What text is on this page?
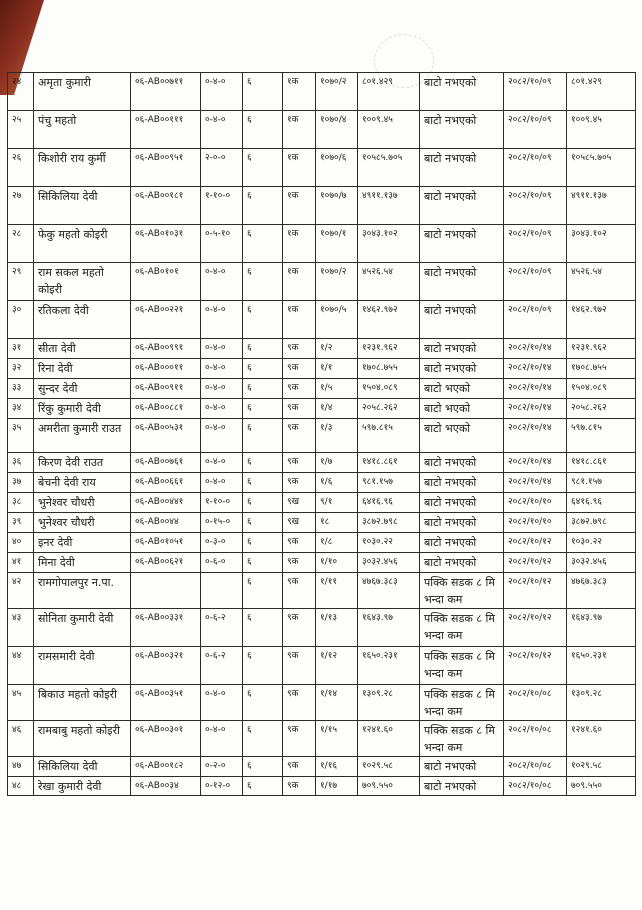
२४	अमृता कुमारी	०६-AB००७११	०-४-०	६	१क	१०७०/२	८०१.४२९	बाटो नभएको	२०८२/१०/०९	८०१.४२९
२५	पंचु महतो	०६-AB००१११	०-४-०	६	१क	१०७०/४	१००९.४५	बाटो नभएको	२०८२/१०/०९	१००९.४५
२६	किशोरी राय कुर्मी	०६-AB००९५१	२-०-०	६	१क	१०७०/६	१०५८५.७०५	बाटो नभएको	२०८२/१०/०९	१०५८५.७०५
२७	सिकिलिया देवी	०६-AB००१८१	१-१०-०	६	१क	१०७०/७	४९११.१३७	बाटो नभएको	२०८२/१०/०९	४९११.१३७
२८	फेकु महतो कोइरी	०६-AB०१०३१	०-५-१०	६	१क	१०७०/१	३०४३.१०२	बाटो नभएको	२०८२/१०/०९	३०४३.१०२
२९	राम सकल महतो कोइरी	०६-AB०१०१	०-४-०	६	१क	१०७०/२	४५२६.५४	बाटो नभएको	२०८२/१०/०९	४५२६.५४
३०	रतिकला देवी	०६-AB००२२१	०-४-०	६	१क	१०७०/५	१४६२.९७२	बाटो नभएको	२०८२/१०/०९	१४६२.९७२
३१	सीता देवी	०६-AB००९९१	०-४-०	६	९क	१/२	१२३१.९६२	बाटो नभएको	२०८२/१०/१४	१२३१.९६२
३२	रिना देवी	०६-AB०००११	०-४-०	६	९क	१/१	१७०८.७५५	बाटो नभएको	२०८२/१०/१४	१७०८.७५५
३३	सुन्दर देवी	०६-AB००९११	०-४-०	६	९क	१/५	१५०४.०८९	बाटो भएको	२०८२/१०/१४	१५०४.०८९
३४	रिंकु कुमारी देवी	०६-AB००८८१	०-४-०	६	९क	१/४	२०५८.२६२	बाटो भएको	२०८२/१०/१४	२०५८.२६२
३५	अमरीता कुमारी राउत	०६-AB००५३१	०-४-०	६	९क	१/३	५९७.८१५	बाटो भएको	२०८२/१०/१४	५९७.८१५
३६	किरण देवी राउत	०६-AB००७६१	०-४-०	६	९क	१/७	१४१८.८६१	बाटो नभएको	२०८२/१०/१४	१४१८.८६१
३७	बेचनी देवी राय	०६-AB००६६१	०-४-०	६	९क	१/६	९८१.१५७	बाटो नभएको	२०८२/१०/१४	९८१.१५७
३८	भुनेश्वर चौधरी	०६-AB००४४१	१-१०-०	६	९ख	९/१	६४१६.९६	बाटो नभएको	२०८२/१०/१०	६४१६.९६
३९	भुनेश्वर चौधरी	०६-AB००४४	०-१५-०	६	९ख	१८	३८७२.७९८	बाटो नभएको	२०८२/१०/१०	३८७२.७९८
४०	इनर देवी	०६-AB०१०५१	०-३-०	६	९क	१/८	१०३०.२२	बाटो नभएको	२०८२/१०/१२	१०३०.२२
४१	मिना देवी	०६-AB००६२१	०-६-०	६	९क	१/१०	३०३२.४५६	बाटो नभएको	२०८२/१०/१२	३०३२.४५६
४२	रामगोपालपुर न.पा.			६	९क	१/११	४७६७.३८३	पक्कि सडक ८ मि भन्दा कम	२०८२/१०/१२	४७६७.३८३
४३	सोनिता कुमारी देवी	०६-AB००३३१	०-६-२	६	९क	१/१३	१६४३.९७	पक्कि सडक ८ मि भन्दा कम	२०८२/१०/१२	१६४३.९७
४४	रामसमारी देवी	०६-AB००३२१	०-६-२	६	९क	१/१२	१६५०.२३१	पक्कि सडक ८ मि भन्दा कम	२०८२/१०/१२	१६५०.२३१
४५	बिकाउ महतो कोइरी	०६-AB००३५१	०-४-०	६	९क	१/१४	१३०९.२८	पक्कि सडक ८ मि भन्दा कम	२०८२/१०/०८	१३०९.२८
४६	रामबाबु महतो कोइरी	०६-AB००३०१	०-४-०	६	९क	१/१५	१२४१.६०	पक्कि सडक ८ मि भन्दा कम	२०८२/१०/०८	१२४१.६०
४७	सिकिलिया देवी	०६-AB००१८२	०-२-०	६	९क	१/१६	१०२९.५८	बाटो नभएको	२०८२/१०/०८	१०२९.५८
४८	रेखा कुमारी देवी	०६-AB००३४	०-१२-०	६	९क	१/१७	७०९.५५०	बाटो नभएको	२०८२/१०/०८	७०९.५५०
